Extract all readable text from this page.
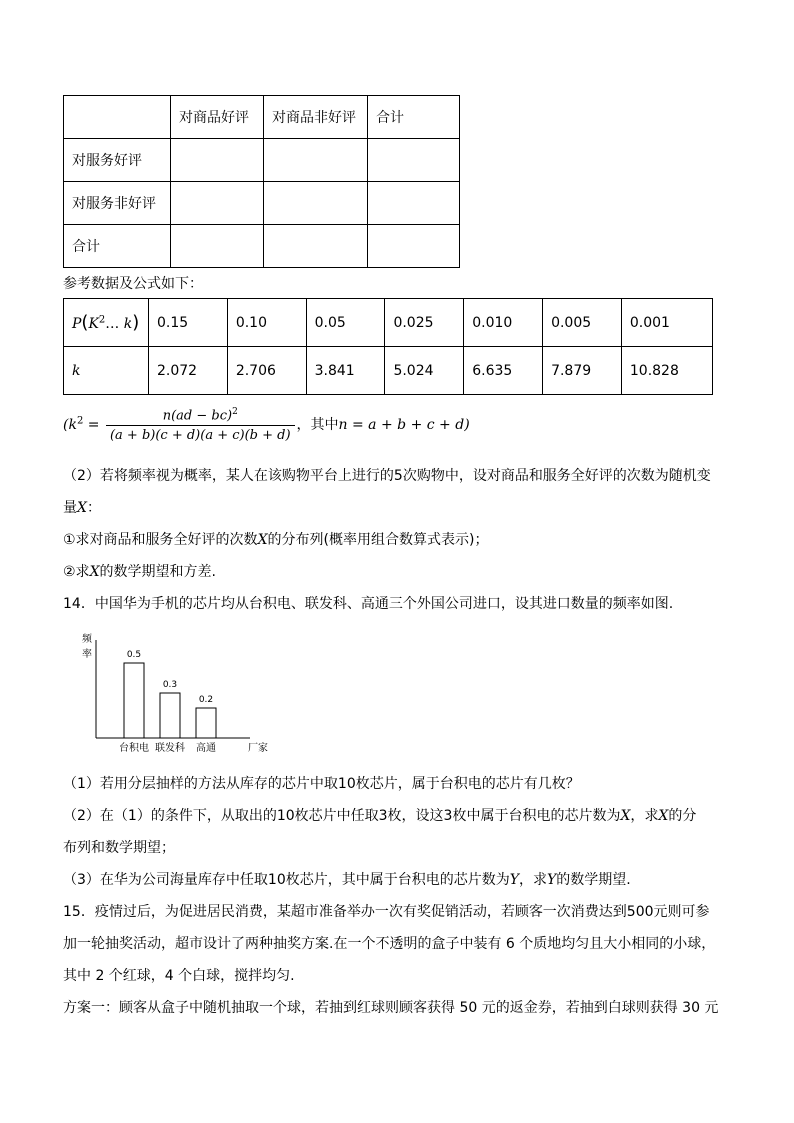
	对商品好评	对商品非好评	合计
对服务好评			
对服务非好评			
合计			
参考数据及公式如下：
$P(K^2\dots$ k)	0.15	0.10	0.05	0.025	0.010	0.005	0.001
k	2.072	2.706	3.841	5.024	6.635	7.879	10.828
($k^2 = \frac{n(ad - bc)^2}{(a + b)(c + d)(a + c)(b + d)}$ ，其中n = a + b + c + d)
（2）若将频率视为概率，某人在该购物平台上进行的5次购物中，设对商品和服务全好评的次数为随机变
量X：
①求对商品和服务全好评的次数X的分布列(概率用组合数算式表示)；
②求X的数学期望和方差.
14．中国华为手机的芯片均从台积电、联发科、高通三个外国公司进口，设其进口数量的频率如图.
频
率	0.5
台积电
0.3
联发科
0.2
高通	厂家
（1）若用分层抽样的方法从库存的芯片中取10枚芯片，属于台积电的芯片有几枚？
（2）在（1）的条件下，从取出的10枚芯片中任取3枚，设这3枚中属于台积电的芯片数为X，求X的分
布列和数学期望；
（3）在华为公司海量库存中任取10枚芯片，其中属于台积电的芯片数为Y，求Y的数学期望.
15．疫情过后，为促进居民消费，某超市准备举办一次有奖促销活动，若顾客一次消费达到500元则可参
加一轮抽奖活动，超市设计了两种抽奖方案.在一个不透明的盒子中装有 6 个质地均匀且大小相同的小球，
其中 2 个红球，4 个白球，搅拌均匀.
方案一：顾客从盒子中随机抽取一个球，若抽到红球则顾客获得 50 元的返金券，若抽到白球则获得 30 元
